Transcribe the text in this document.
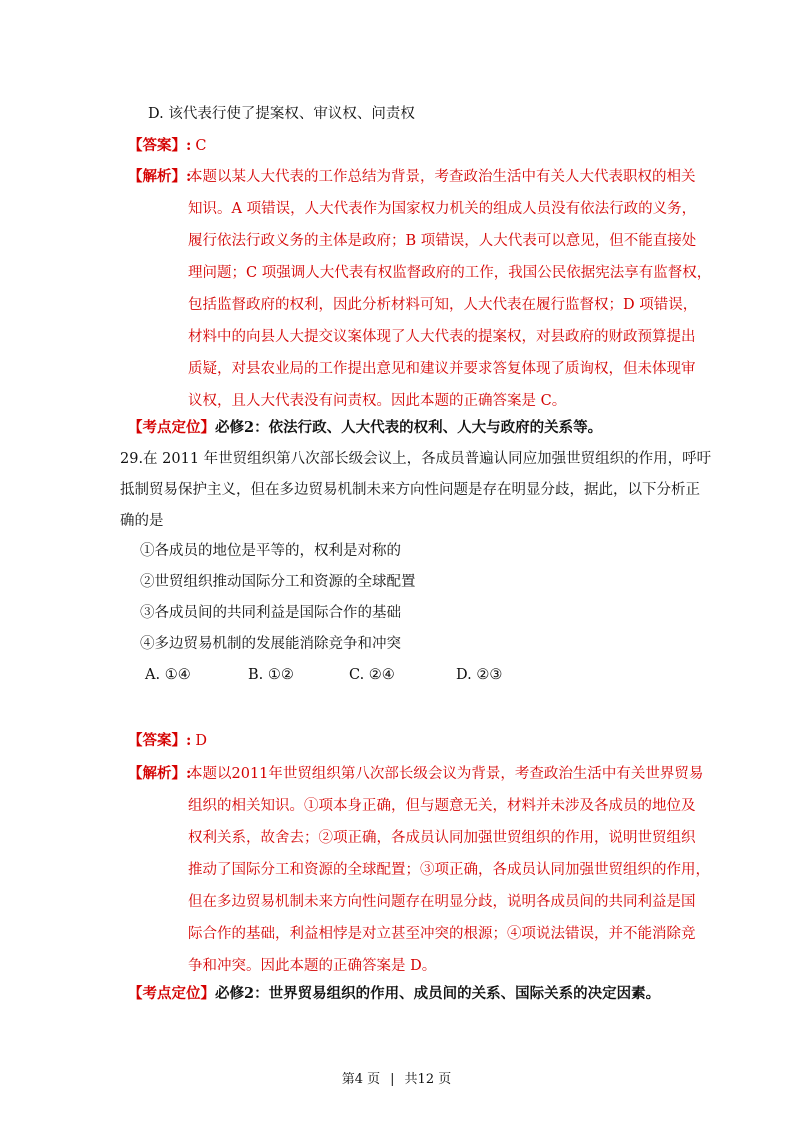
D. 该代表行使了提案权、审议权、问责权
【答案】: C
【解析】:
本题以某人大代表的工作总结为背景，考查政治生活中有关人大代表职权的相关
知识。A 项错误，人大代表作为国家权力机关的组成人员没有依法行政的义务，
履行依法行政义务的主体是政府；B 项错误，人大代表可以意见，但不能直接处
理问题；C 项强调人大代表有权监督政府的工作，我国公民依据宪法享有监督权，
包括监督政府的权利，因此分析材料可知，人大代表在履行监督权；D 项错误，
材料中的向县人大提交议案体现了人大代表的提案权，对县政府的财政预算提出
质疑，对县农业局的工作提出意见和建议并要求答复体现了质询权，但未体现审
议权，且人大代表没有问责权。因此本题的正确答案是 C。
【考点定位】必修2：依法行政、人大代表的权利、人大与政府的关系等。
29.在 2011 年世贸组织第八次部长级会议上，各成员普遍认同应加强世贸组织的作用，呼吁
抵制贸易保护主义，但在多边贸易机制未来方向性问题是存在明显分歧，据此，以下分析正
确的是
①各成员的地位是平等的，权利是对称的
②世贸组织推动国际分工和资源的全球配置
③各成员间的共同利益是国际合作的基础
④多边贸易机制的发展能消除竞争和冲突
A. ①④	B. ①②	C. ②④	D. ②③
【答案】: D
【解析】:
本题以2011年世贸组织第八次部长级会议为背景，考查政治生活中有关世界贸易
组织的相关知识。①项本身正确，但与题意无关，材料并未涉及各成员的地位及
权利关系，故舍去；②项正确，各成员认同加强世贸组织的作用，说明世贸组织
推动了国际分工和资源的全球配置；③项正确，各成员认同加强世贸组织的作用，
但在多边贸易机制未来方向性问题存在明显分歧，说明各成员间的共同利益是国
际合作的基础，利益相悖是对立甚至冲突的根源；④项说法错误，并不能消除竞
争和冲突。因此本题的正确答案是 D。
【考点定位】必修2：世界贸易组织的作用、成员间的关系、国际关系的决定因素。
第4 页 | 共12 页
